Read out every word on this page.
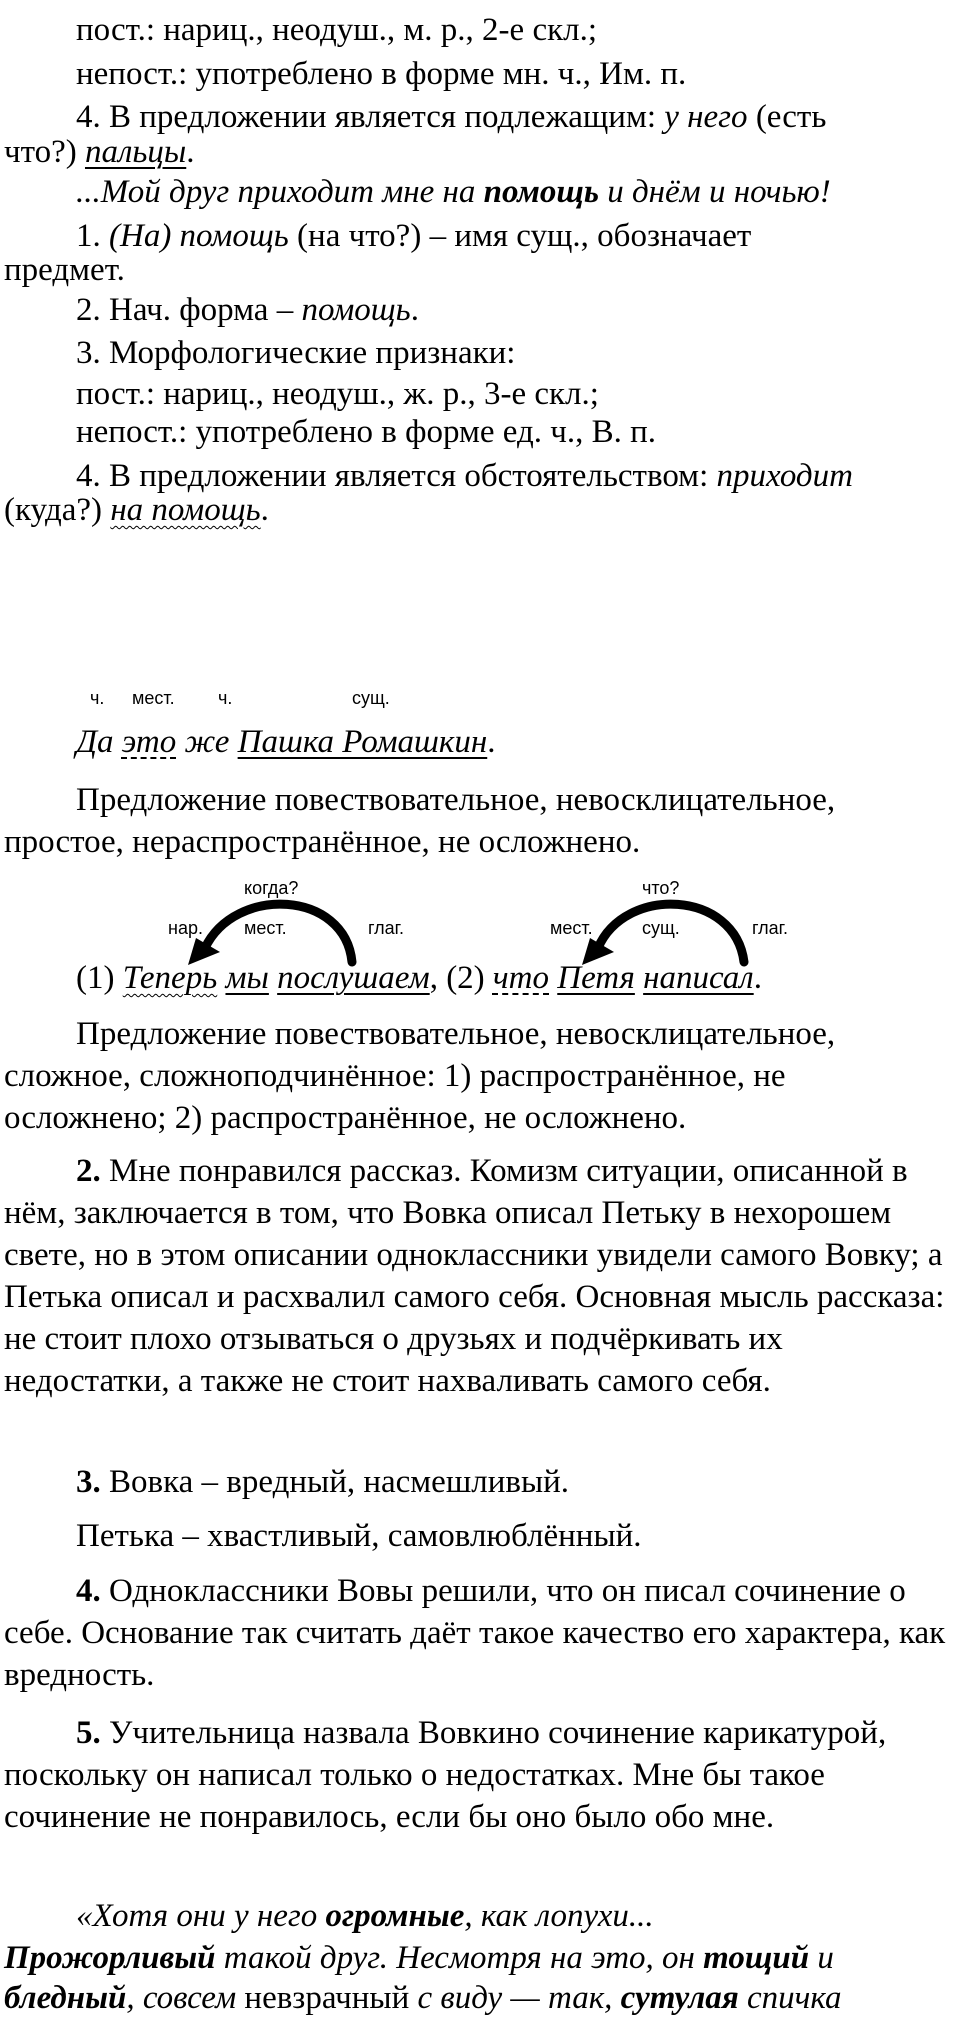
пост.: нариц., неодуш., м. р., 2-е скл.;
непост.: употреблено в форме мн. ч., Им. п.
4. В предложении является подлежащим: у него (есть
что?) пальцы.
...Мой друг приходит мне на помощь и днём и ночью!
1. (На) помощь (на что?) – имя сущ., обозначает
предмет.
2. Нач. форма – помощь.
3. Морфологические признаки:
пост.: нариц., неодуш., ж. р., 3-е скл.;
непост.: употреблено в форме ед. ч., В. п.
4. В предложении является обстоятельством: приходит
(куда?) на помощь.
ч. мест. ч.	сущ.
Да это же Пашка Ромашкин.
Предложение повествовательное, невосклицательное,
простое, нераспространённое, не осложнено.
когда?	что?
нар. мест.	глаг.	мест.	сущ.	глаг.
(1) Теперь мы послушаем, (2) что Петя написал.
Предложение повествовательное, невосклицательное,
сложное, сложноподчинённое: 1) распространённое, не
осложнено; 2) распространённое, не осложнено.
2. Мне понравился рассказ. Комизм ситуации, описанной в нём, заключается в том, что Вовка описал Петьку в нехорошем свете, но в этом описании одноклассники увидели самого Вовку; а Петька описал и расхвалил самого себя. Основная мысль рассказа: не стоит плохо отзываться о друзьях и подчёркивать их недостатки, а также не стоит нахваливать самого себя.
3. Вовка – вредный, насмешливый.
Петька – хвастливый, самовлюблённый.
4. Одноклассники Вовы решили, что он писал сочинение о себе. Основание так считать даёт такое качество его характера, как вредность.
5. Учительница назвала Вовкино сочинение карикатурой, поскольку он написал только о недостатках. Мне бы такое сочинение не понравилось, если бы оно было обо мне.
«Хотя они у него огромные, как лопухи...
Прожорливый такой друг. Несмотря на это, он тощий и
бледный, совсем невзрачный с виду — так, сутулая спичка
